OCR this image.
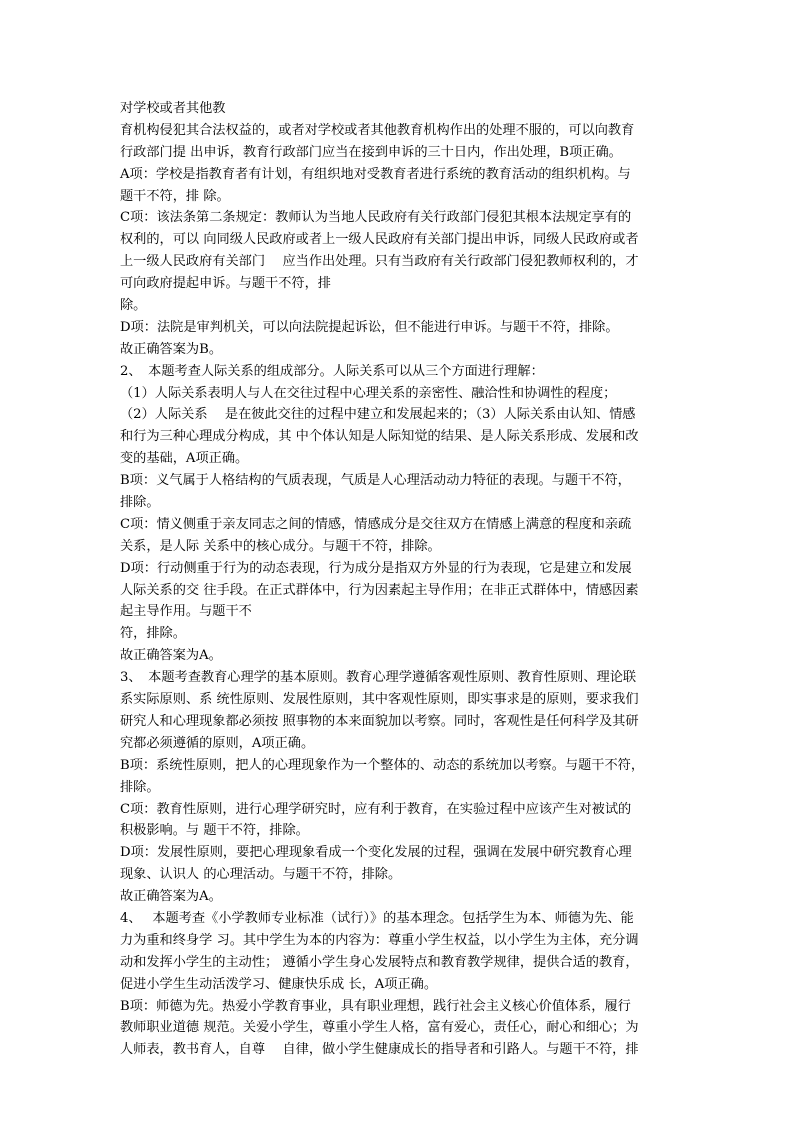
对学校或者其他教
育机构侵犯其合法权益的，或者对学校或者其他教育机构作出的处理不服的，可以向教育
行政部门提 出申诉，教育行政部门应当在接到申诉的三十日内，作出处理，B项正确。
A项：学校是指教育者有计划，有组织地对受教育者进行系统的教育活动的组织机构。与
题干不符，排 除。
C项：该法条第二条规定：教师认为当地人民政府有关行政部门侵犯其根本法规定享有的
权利的，可以 向同级人民政府或者上一级人民政府有关部门提出申诉，同级人民政府或者
上一级人民政府有关部门　 应当作出处理。只有当政府有关行政部门侵犯教师权利的，才
可向政府提起申诉。与题干不符，排
除。
D项：法院是审判机关，可以向法院提起诉讼，但不能进行申诉。与题干不符，排除。
故正确答案为B。
2、　本题考查人际关系的组成部分。人际关系可以从三个方面进行理解：
（1）人际关系表明人与人在交往过程中心理关系的亲密性、融洽性和协调性的程度；
（2）人际关系　 是在彼此交往的过程中建立和发展起来的；（3）人际关系由认知、情感
和行为三种心理成分构成，其 中个体认知是人际知觉的结果、是人际关系形成、发展和改
变的基础，A项正确。
B项：义气属于人格结构的气质表现，气质是人心理活动动力特征的表现。与题干不符，
排除。
C项：情义侧重于亲友同志之间的情感，情感成分是交往双方在情感上满意的程度和亲疏
关系，是人际 关系中的核心成分。与题干不符，排除。
D项：行动侧重于行为的动态表现，行为成分是指双方外显的行为表现，它是建立和发展
人际关系的交 往手段。在正式群体中，行为因素起主导作用；在非正式群体中，情感因素
起主导作用。与题干不
符，排除。
故正确答案为A。
3、　本题考查教育心理学的基本原则。教育心理学遵循客观性原则、教育性原则、理论联
系实际原则、系 统性原则、发展性原则，其中客观性原则，即实事求是的原则，要求我们
研究人和心理现象都必须按 照事物的本来面貌加以考察。同时，客观性是任何科学及其研
究都必须遵循的原则，A项正确。
B项：系统性原则，把人的心理现象作为一个整体的、动态的系统加以考察。与题干不符，
排除。
C项：教育性原则，进行心理学研究时，应有利于教育，在实验过程中应该产生对被试的
积极影响。与 题干不符，排除。
D项：发展性原则，要把心理现象看成一个变化发展的过程，强调在发展中研究教育心理
现象、认识人 的心理活动。与题干不符，排除。
故正确答案为A。
4、　 本题考查《小学教师专业标准（试行）》的基本理念。包括学生为本、师德为先、能
力为重和终身学 习。其中学生为本的内容为：尊重小学生权益，以小学生为主体，充分调
动和发挥小学生的主动性； 遵循小学生身心发展特点和教育教学规律，提供合适的教育，
促进小学生生动活泼学习、健康快乐成 长，A项正确。
B项：师德为先。热爱小学教育事业，具有职业理想，践行社会主义核心价值体系，履行
教师职业道德 规范。关爱小学生，尊重小学生人格，富有爱心，责任心，耐心和细心；为
人师表，教书育人，自尊　 自律，做小学生健康成长的指导者和引路人。与题干不符，排
